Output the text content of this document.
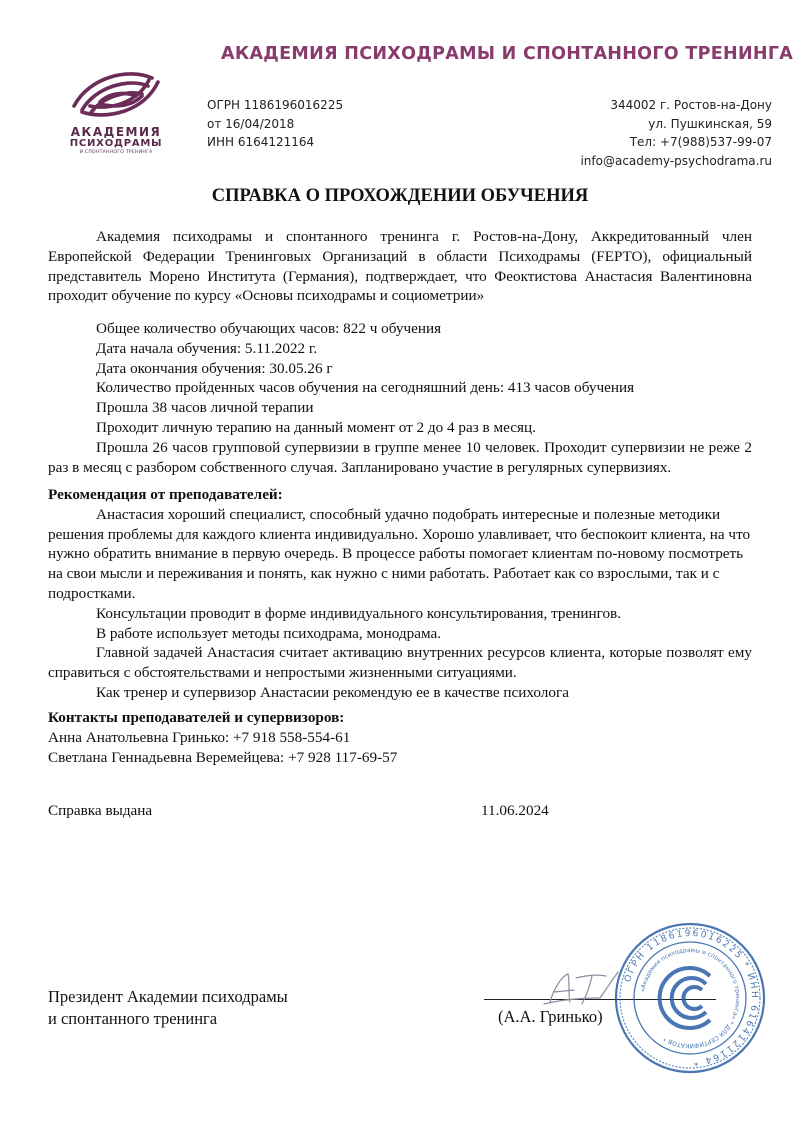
АКАДЕМИЯ
ПСИХОДРАМЫ
И СПОНТАННОГО ТРЕНИНГА
АКАДЕМИЯ ПСИХОДРАМЫ И СПОНТАННОГО ТРЕНИНГА
ОГРН 1186196016225
от 16/04/2018
ИНН 6164121164
344002 г. Ростов-на-Дону
ул. Пушкинская, 59
Тел: +7(988)537-99-07
info@academy-psychodrama.ru
СПРАВКА О ПРОХОЖДЕНИИ ОБУЧЕНИЯ
Академия психодрамы и спонтанного тренинга г. Ростов-на-Дону, Аккредитованный член Европейской Федерации Тренинговых Организаций в области Психодрамы (FEPTO), официальный представитель Морено Института (Германия), подтверждает, что Феоктистова Анастасия Валентиновна проходит обучение по курсу «Основы психодрамы и социометрии»

Общее количество обучающих часов: 822 ч обучения

Дата начала обучения: 5.11.2022 г.

Дата окончания обучения: 30.05.26 г

Количество пройденных часов обучения на сегодняшний день: 413 часов обучения

Прошла 38 часов личной терапии

Проходит личную терапию на данный момент от 2 до 4 раз в месяц.

Прошла 26 часов групповой супервизии в группе менее 10 человек. Проходит супервизии не реже 2 раз в месяц с разбором собственного случая. Запланировано участие в регулярных супервизиях.

Рекомендация от преподавателей:

Анастасия хороший специалист, способный удачно подобрать интересные и полезные методики решения проблемы для каждого клиента индивидуально. Хорошо улавливает, что беспокоит клиента, на что нужно обратить внимание в первую очередь. В процессе работы помогает клиентам по-новому посмотреть на свои мысли и переживания и понять, как нужно с ними работать. Работает как со взрослыми, так и с подростками.

Консультации проводит в форме индивидуального консультирования, тренингов.

В работе использует методы психодрама, монодрама.

Главной задачей Анастасия считает активацию внутренних ресурсов клиента, которые позволят ему справиться с обстоятельствами и непростыми жизненными ситуациями.

Как тренер и супервизор Анастасии рекомендую ее в качестве психолога

Контакты преподавателей и супервизоров:

Анна Анатольевна Гринько: +7 918 558-554-61

Светлана Геннадьевна Веремейцева: +7 928 117-69-57

Справка выдана	11.06.2024
Президент Академии психодрамы
и спонтанного тренинга	(А.А. Гринько)
ОГРН 1186196016225 * ИНН 6164121164 *
«Академия психодрамы и спонтанного тренинга» * ДЛЯ СЕРТИФИКАТОВ *
